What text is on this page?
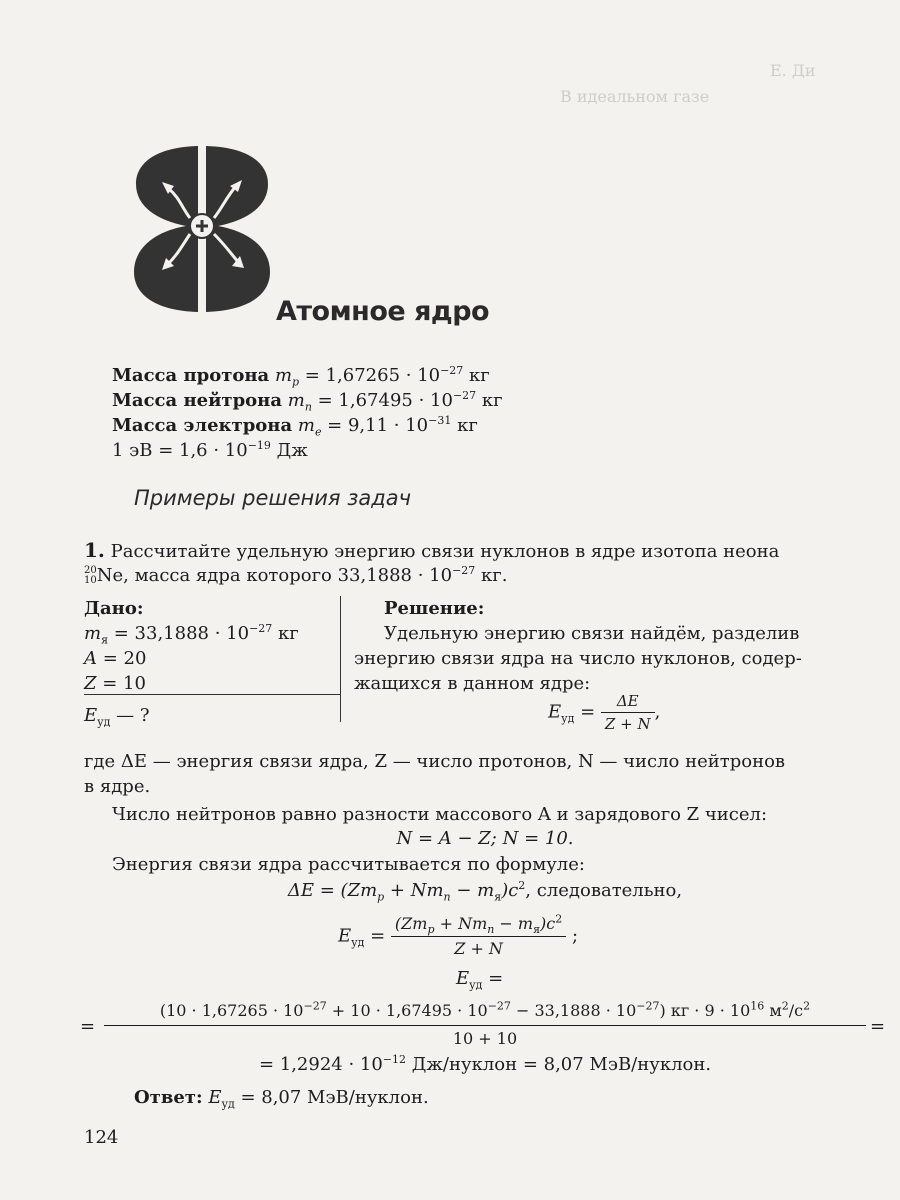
Е. Ди
В идеальном газе
Атомное ядро
Масса протона $m_p = 1,67265 \cdot 10^{-27}$ кг
Масса нейтрона $m_n = 1,67495 \cdot 10^{-27}$ кг
Масса электрона $m_e = 9,11 \cdot 10^{-31}$ кг
1 эВ = $1,6 \cdot 10^{-19}$ Дж
Примеры решения задач
1. Рассчитайте удельную энергию связи нуклонов в ядре изотопа неона
20
10 Ne, масса ядра которого $33,1888 \cdot 10^{-27}$ кг.
Дано:
$m_я = 33,1888 \cdot 10^{-27}$ кг
A = 20
Z = 10
$E_{уд}$ — ?
Решение:
Удельную энергию связи найдём, разделив
энергию связи ядра на число нуклонов, содер-
жащихся в данном ядре:
$E_{уд} = \frac{\Delta E}{Z + N}$ ,
где ΔE — энергия связи ядра, Z — число протонов, N — число нейтронов
в ядре.
Число нейтронов равно разности массового A и зарядового Z чисел:
N = A − Z; N = 10.
Энергия связи ядра рассчитывается по формуле:
$\Delta E = (Zm_p + Nm_n - m_я)c^2$, следовательно,
$E_{уд} = \frac{(Zm_p + Nm_n - m_я)c^2}{Z + N}$ ;
$E_{уд}$ =
=
$(10 \cdot 1,67265 \cdot 10^{-27} + 10 \cdot 1,67495 \cdot 10^{-27} - 33,1888 \cdot 10^{-27})$ кг · $9 \cdot 10^{16}$ $м^2/с^2$
10 + 10
=
= $1,2924 \cdot 10^{-12}$ Дж/нуклон = 8,07 МэВ/нуклон.
Ответ: $E_{уд} = 8,07$ МэВ/нуклон.
124
